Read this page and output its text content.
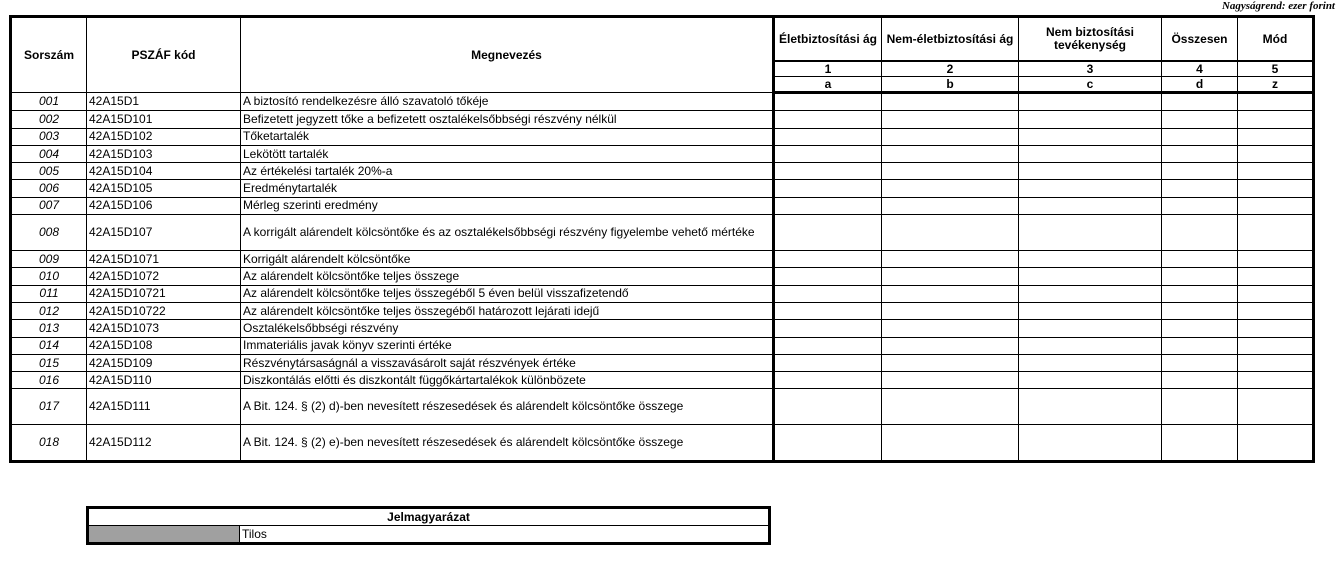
Nagyságrend: ezer forint
Sorszám	PSZÁF kód	Megnevezés	Életbiztosítási ág	Nem-életbiztosítási ág	Nem biztosítási tevékenység	Összesen	Mód
			1	2	3	4	5
			a	b	c	d	z
001	42A15D1	A biztosító rendelkezésre álló szavatoló tőkéje					
002	42A15D101	Befizetett jegyzett tőke a befizetett osztalékelsőbbségi részvény nélkül					
003	42A15D102	Tőketartalék					
004	42A15D103	Lekötött tartalék					
005	42A15D104	Az értékelési tartalék 20%-a					
006	42A15D105	Eredménytartalék					
007	42A15D106	Mérleg szerinti eredmény					
008	42A15D107	A korrigált alárendelt kölcsöntőke és az osztalékelsőbbségi részvény figyelembe vehető mértéke					
009	42A15D1071	Korrigált alárendelt kölcsöntőke					
010	42A15D1072	Az alárendelt kölcsöntőke teljes összege					
011	42A15D10721	Az alárendelt kölcsöntőke teljes összegéből 5 éven belül visszafizetendő					
012	42A15D10722	Az alárendelt kölcsöntőke teljes összegéből határozott lejárati idejű					
013	42A15D1073	Osztalékelsőbbségi részvény					
014	42A15D108	Immateriális javak könyv szerinti értéke					
015	42A15D109	Részvénytársaságnál a visszavásárolt saját részvények értéke					
016	42A15D110	Diszkontálás előtti és diszkontált függőkártartalékok különbözete					
017	42A15D111	A Bit. 124. § (2) d)-ben nevesített részesedések és alárendelt kölcsöntőke összege					
018	42A15D112	A Bit. 124. § (2) e)-ben nevesített részesedések és alárendelt kölcsöntőke összege					
Jelmagyarázat
	Tilos
